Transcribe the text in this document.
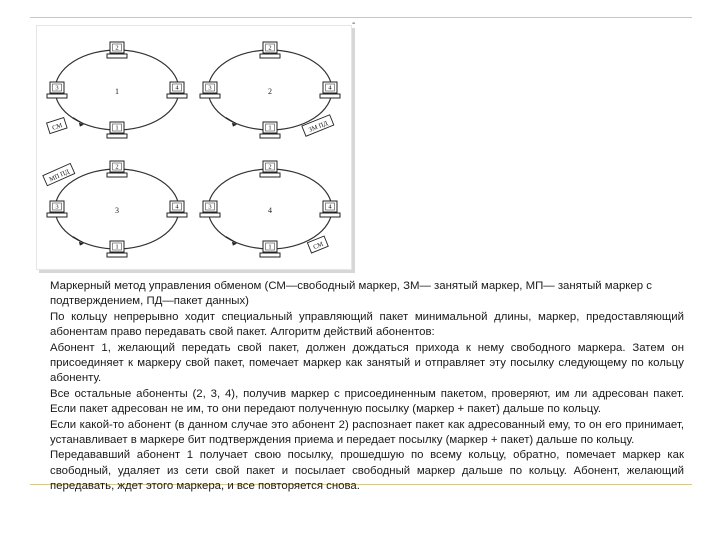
-
1
2
1
3	4
СМ
2
2
1
3	4
ЗМ ПД
3
2
1
3	4
МП ПД
4
2
1
3	4
СМ

Маркерный метод управления обменом (СМ—свободный маркер, ЗМ— занятый маркер, МП— занятый маркер с подтверждением, ПД—пакет данных)

По кольцу непрерывно ходит специальный управляющий пакет минимальной длины, маркер, предоставляющий абонентам право передавать свой пакет. Алгоритм действий абонентов:

Абонент 1, желающий передать свой пакет, должен дождаться прихода к нему свободного маркера. Затем он присоединяет к маркеру свой пакет, помечает маркер как занятый и отправляет эту посылку следующему по кольцу абоненту.

Все остальные абоненты (2, 3, 4), получив маркер с присоединенным пакетом, проверяют, им ли адресован пакет. Если пакет адресован не им, то они передают полученную посылку (маркер + пакет) дальше по кольцу.

Если какой-то абонент (в данном случае это абонент 2) распознает пакет как адресованный ему, то он его принимает, устанавливает в маркере бит подтверждения приема и передает посылку (маркер + пакет) дальше по кольцу.

Передававший абонент 1 получает свою посылку, прошедшую по всему кольцу, обратно, помечает маркер как свободный, удаляет из сети свой пакет и посылает свободный маркер дальше по кольцу. Абонент, желающий передавать, ждет этого маркера, и все повторяется снова.
